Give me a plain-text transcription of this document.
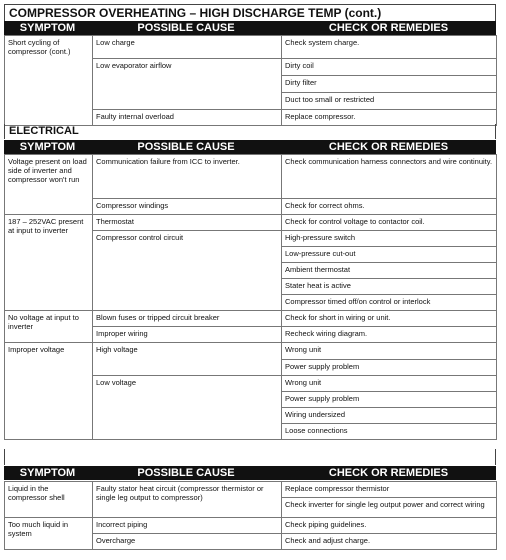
COMPRESSOR OVERHEATING – HIGH DISCHARGE TEMP (cont.)
SYMPTOM	POSSIBLE CAUSE	CHECK OR REMEDIES
Short cycling of compressor (cont.)	Low charge	Check system charge.
	Low evaporator airflow	Dirty coil
		Dirty filter
		Duct too small or restricted
	Faulty internal overload	Replace compressor.
ELECTRICAL
SYMPTOM	POSSIBLE CAUSE	CHECK OR REMEDIES
Voltage present on load side of inverter and compressor won't run	Communication failure from ICC to inverter.	Check communication harness connectors and wire continuity.
	Compressor windings	Check for correct ohms.
187 – 252VAC present at input to inverter	Thermostat	Check for control voltage to contactor coil.
	Compressor control circuit	High-pressure switch
		Low-pressure cut-out
		Ambient thermostat
		Stater heat is active
		Compressor timed off/on control or interlock
No voltage at input to inverter	Blown fuses or tripped circuit breaker	Check for short in wiring or unit.
	Improper wiring	Recheck wiring diagram.
Improper voltage	High voltage	Wrong unit
		Power supply problem
	Low voltage	Wrong unit
		Power supply problem
		Wiring undersized
		Loose connections
SYMPTOM	POSSIBLE CAUSE	CHECK OR REMEDIES
Liquid in the compressor shell	Faulty stator heat circuit (compressor thermistor or single leg output to compressor)	Replace compressor thermistor
		Check inverter for single leg output power and correct wiring
Too much liquid in system	Incorrect piping	Check piping guidelines.
	Overcharge	Check and adjust charge.
